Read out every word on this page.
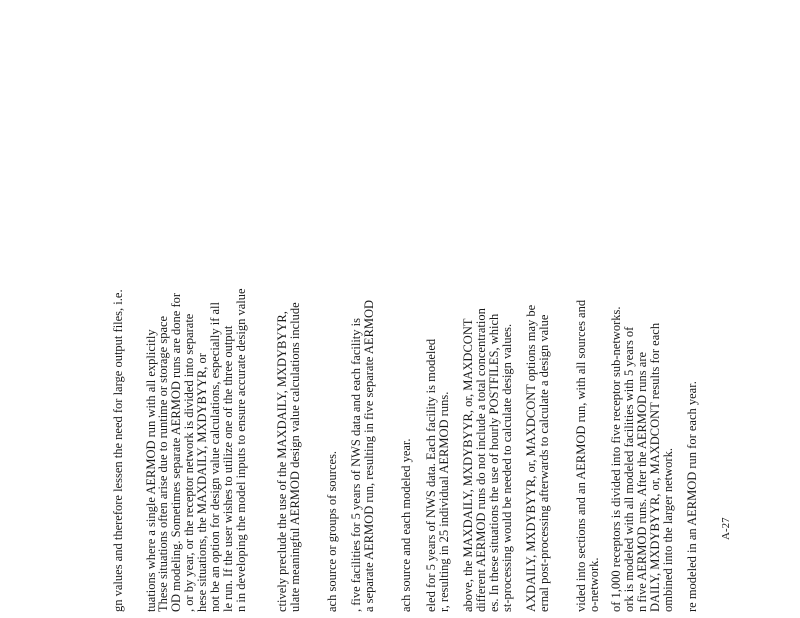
gn values and therefore lessen the need for large output files, i.e. tuations where a single AERMOD run with all explicitly
These situations often arise due to runtime or storage space OD modeling. Sometimes separate AERMOD runs are done for , or by year, or the receptor network is divided into separate hese situations, the MAXDAILY, MXDYBYYR, or not be an option for design value calculations, especially if all le run. If the user wishes to utilize one of the three output n in developing the model inputs to ensure accurate design value ctively preclude the use of the MAXDAILY, MXDYBYYR, ulate meaningful AERMOD design value calculations include ach source or groups of sources. , five facilities for 5 years of NWS data and each facility is a separate AERMOD run, resulting in five separate AERMOD ach source and each modeled year. eled for 5 years of NWS data. Each facility is modeled r, resulting in 25 individual AERMOD runs. above, the MAXDAILY, MXDYBYYR, or, MAXDCONT different AERMOD runs do not include a total concentration es. In these situations the use of hourly POSTFILES, which st-processing would be needed to calculate design values. AXDAILY, MXDYBYYR, or, MAXDCONT options may be ernal post-processing afterwards to calculate a design value vided into sections and an AERMOD run, with all sources and o-network. of 1,000 receptors is divided into five receptor sub-networks. ork is modeled with all modeled facilities with 5 years of n five AERMOD runs. After the AERMOD runs are DAILY, MXDYBYYR, or, MAXDCONT results for each ombined into the larger network. re modeled in an AERMOD run for each year. A-27
